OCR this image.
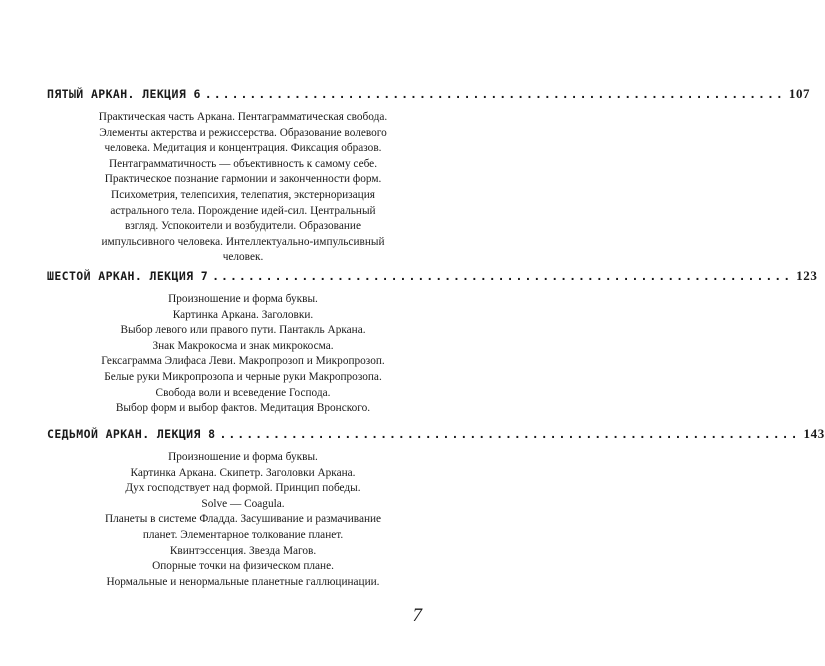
ПЯТЫЙ АРКАН. ЛЕКЦИЯ 6 ................................................................. 107
Практическая часть Аркана. Пентаграмматическая свобода.
Элементы актерства и режиссерства. Образование волевого
человека. Медитация и концентрация. Фиксация образов.
Пентаграмматичность — объективность к самому себе.
Практическое познание гармонии и законченности форм.
Психометрия, телепсихия, телепатия, экстерноризация
астрального тела. Порождение идей-сил. Центральный
взгляд. Успокоители и возбудители. Образование
импульсивного человека. Интеллектуально-импульсивный
человек.
ШЕСТОЙ АРКАН. ЛЕКЦИЯ 7 ................................................................. 123
Произношение и форма буквы.
Картинка Аркана. Заголовки.
Выбор левого или правого пути. Пантакль Аркана.
Знак Макрокосма и знак микрокосма.
Гексаграмма Элифаса Леви. Макропрозоп и Микропрозоп.
Белые руки Микропрозопа и черные руки Макропрозопа.
Свобода воли и всеведение Господа.
Выбор форм и выбор фактов. Медитация Вронского.
СЕДЬМОЙ АРКАН. ЛЕКЦИЯ 8 ................................................................. 143
Произношение и форма буквы.
Картинка Аркана. Скипетр. Заголовки Аркана.
Дух господствует над формой. Принцип победы.
Solve — Coagula.
Планеты в системе Фладда. Засушивание и размачивание
планет. Элементарное толкование планет.
Квинтэссенция. Звезда Магов.
Опорные точки на физическом плане.
Нормальные и ненормальные планетные галлюцинации.
7
